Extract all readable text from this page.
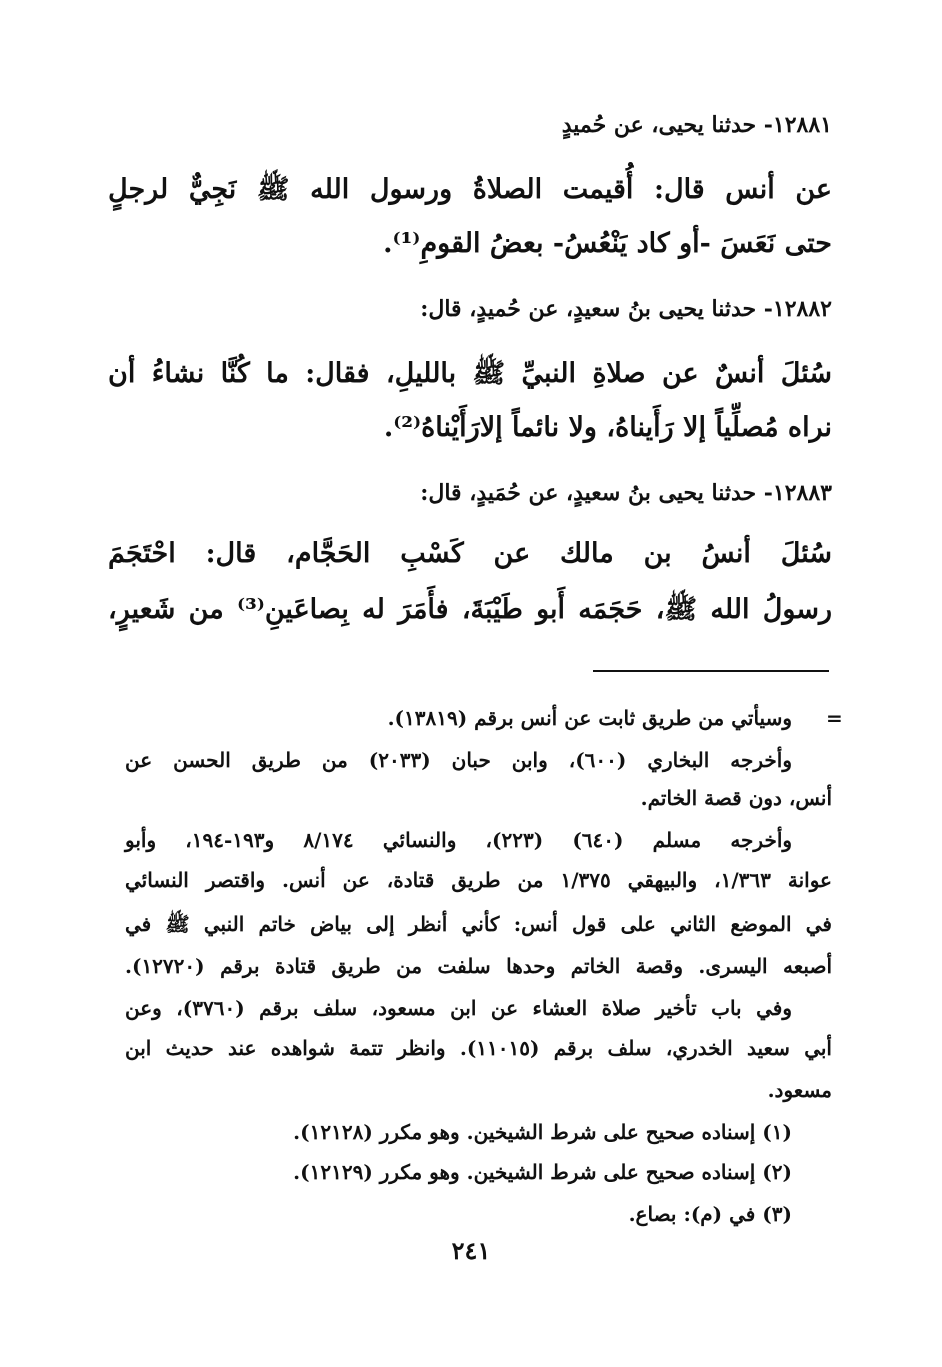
١٢٨٨١- حدثنا يحيى، عن حُميدٍ
عن أنس قال: أُقيمت الصلاةُ ورسول الله ﷺ نَجِيٌّ لرجلٍ
حتى نَعَسَ -أو كاد يَنْعُسُ- بعضُ القومِ⁽¹⁾.
١٢٨٨٢- حدثنا يحيى بنُ سعيدٍ، عن حُميدٍ، قال:
سُئلَ أنسٌ عن صلاةِ النبيِّ ﷺ بالليلِ، فقال: ما كُنَّا نشاءُ أن
نراه مُصلِّياً إلا رَأَيناهُ، ولا نائماً إلارَأَيْناهُ⁽²⁾.
١٢٨٨٣- حدثنا يحيى بنُ سعيدٍ، عن حُمَيدٍ، قال:
سُئلَ أنسُ بن مالك عن كَسْبِ الحَجَّام، قال: احْتَجَمَ
رسولُ الله ﷺ، حَجَمَه أَبو طَيْبَةَ، فأَمَرَ له بِصاعَينِ⁽³⁾ من شَعيرٍ،
=
وسيأتي من طريق ثابت عن أنس برقم (١٣٨١٩).
وأخرجه البخاري (٦٠٠)، وابن حبان (٢٠٣٣) من طريق الحسن عن
أنس، دون قصة الخاتم.
وأخرجه مسلم (٦٤٠) (٢٢٣)، والنسائي ٨/١٧٤ و١٩٣-١٩٤، وأبو
عوانة ١/٣٦٣، والبيهقي ١/٣٧٥ من طريق قتادة، عن أنس. واقتصر النسائي
في الموضع الثاني على قول أنس: كأني أنظر إلى بياض خاتم النبي ﷺ في
أصبعه اليسرى. وقصة الخاتم وحدها سلفت من طريق قتادة برقم (١٢٧٢٠).
وفي باب تأخير صلاة العشاء عن ابن مسعود، سلف برقم (٣٧٦٠)، وعن
أبي سعيد الخدري، سلف برقم (١١٠١٥). وانظر تتمة شواهده عند حديث ابن
مسعود.
(١) إسناده صحيح على شرط الشيخين. وهو مكرر (١٢١٢٨).
(٢) إسناده صحيح على شرط الشيخين. وهو مكرر (١٢١٢٩).
(٣) في (م): بصاع.
٢٤١
